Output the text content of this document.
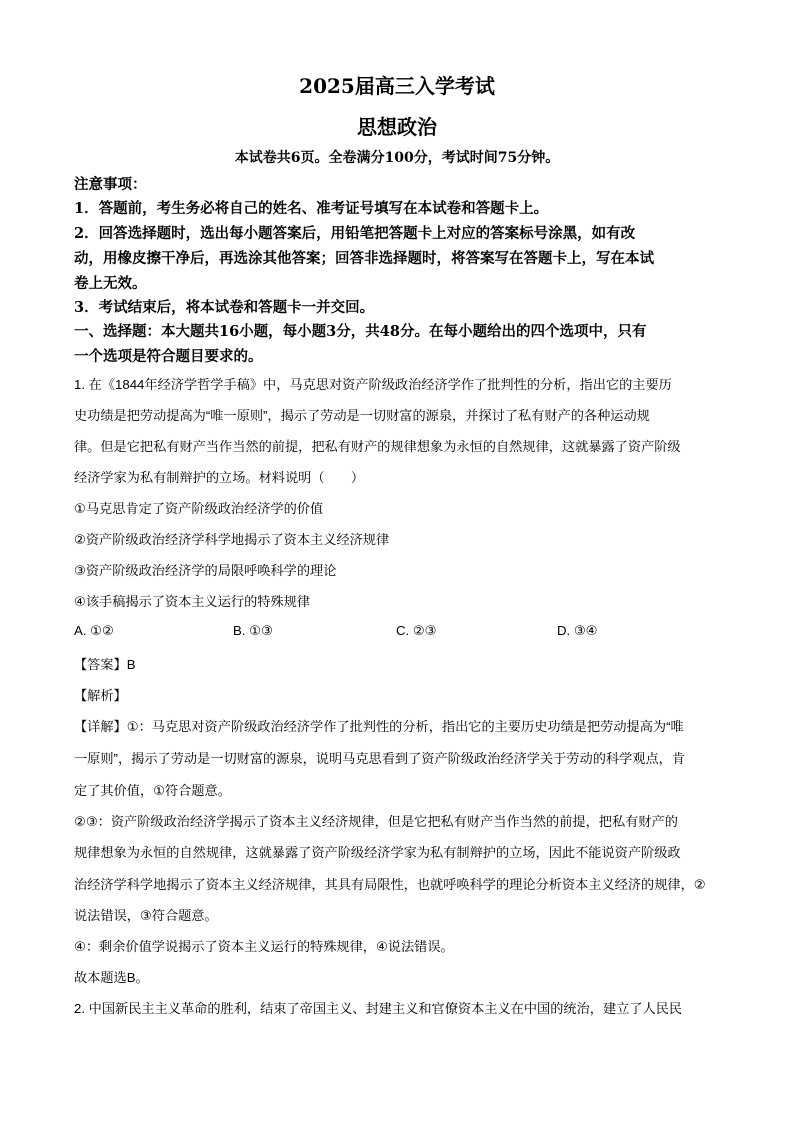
2025届高三入学考试
思想政治
本试卷共6页。全卷满分100分，考试时间75分钟。
注意事项：
1．答题前，考生务必将自己的姓名、准考证号填写在本试卷和答题卡上。
2．回答选择题时，选出每小题答案后，用铅笔把答题卡上对应的答案标号涂黑，如有改
动，用橡皮擦干净后，再选涂其他答案；回答非选择题时，将答案写在答题卡上，写在本试
卷上无效。
3．考试结束后，将本试卷和答题卡一并交回。
一、选择题：本大题共16小题，每小题3分，共48分。在每小题给出的四个选项中，只有
一个选项是符合题目要求的。
1. 在《1844年经济学哲学手稿》中，马克思对资产阶级政治经济学作了批判性的分析，指出它的主要历
史功绩是把劳动提高为“唯一原则”，揭示了劳动是一切财富的源泉，并探讨了私有财产的各种运动规
律。但是它把私有财产当作当然的前提，把私有财产的规律想象为永恒的自然规律，这就暴露了资产阶级
经济学家为私有制辩护的立场。材料说明（　　）
①马克思肯定了资产阶级政治经济学的价值
②资产阶级政治经济学科学地揭示了资本主义经济规律
③资产阶级政治经济学的局限呼唤科学的理论
④该手稿揭示了资本主义运行的特殊规律
A. ①②	B. ①③	C. ②③	D. ③④
【答案】B
【解析】
【详解】①：马克思对资产阶级政治经济学作了批判性的分析，指出它的主要历史功绩是把劳动提高为“唯
一原则”，揭示了劳动是一切财富的源泉，说明马克思看到了资产阶级政治经济学关于劳动的科学观点，肯
定了其价值，①符合题意。
②③：资产阶级政治经济学揭示了资本主义经济规律，但是它把私有财产当作当然的前提，把私有财产的
规律想象为永恒的自然规律，这就暴露了资产阶级经济学家为私有制辩护的立场，因此不能说资产阶级政
治经济学科学地揭示了资本主义经济规律，其具有局限性，也就呼唤科学的理论分析资本主义经济的规律，②
说法错误，③符合题意。
④：剩余价值学说揭示了资本主义运行的特殊规律，④说法错误。
故本题选B。
2. 中国新民主主义革命的胜利，结束了帝国主义、封建主义和官僚资本主义在中国的统治，建立了人民民
